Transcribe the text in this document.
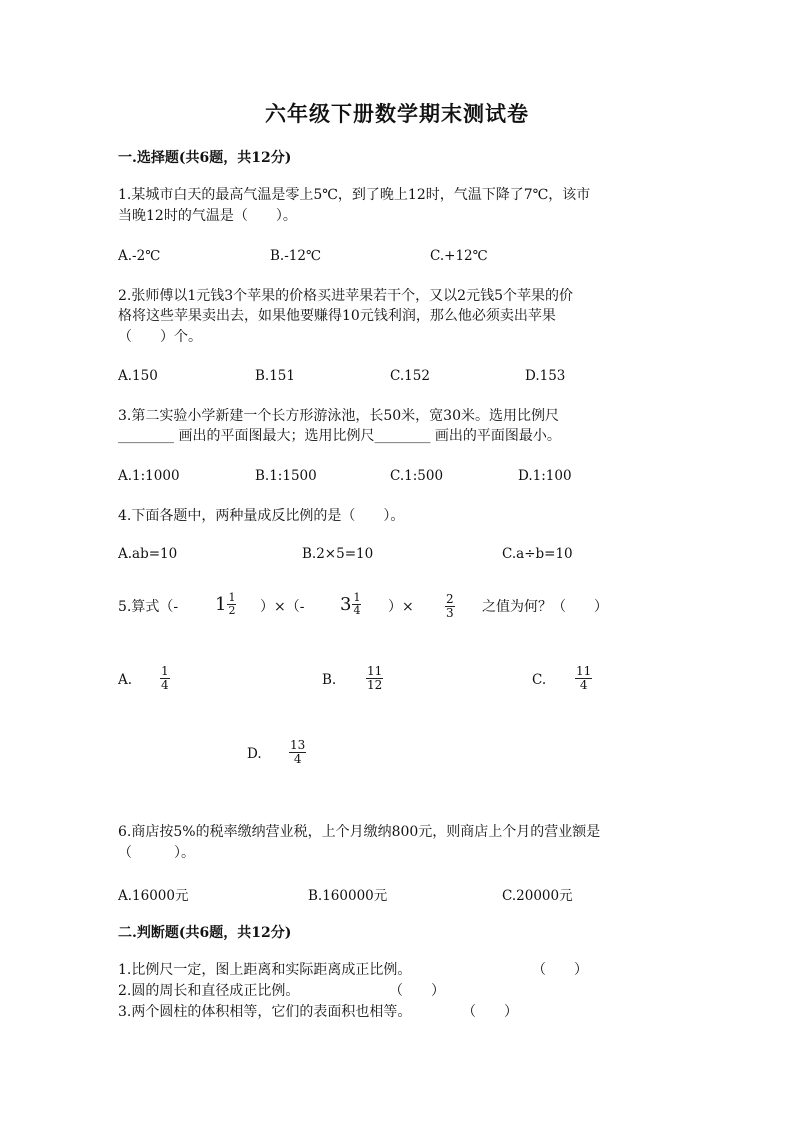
六年级下册数学期末测试卷
一.选择题(共6题，共12分)
1.某城市白天的最高气温是零上5℃，到了晚上12时，气温下降了7℃，该市
当晚12时的气温是（　　）。
A.-2℃	B.-12℃	C.+12℃
2.张师傅以1元钱3个苹果的价格买进苹果若干个，又以2元钱5个苹果的价
格将这些苹果卖出去，如果他要赚得10元钱利润，那么他必须卖出苹果
（　　）个。
A.150	B.151	C.152	D.153
3.第二实验小学新建一个长方形游泳池，长50米，宽30米。选用比例尺
________ 画出的平面图最大；选用比例尺________ 画出的平面图最小。
A.1:1000	B.1:1500	C.1:500	D.1:100
4.下面各题中，两种量成反比例的是（　　）。
A.ab=10	B.2×5=10	C.a÷b=10
5.算式（- $1 \frac{1}{2}$ ）×（- $3 \frac{1}{4}$ ）×	$\frac{2}{3}$ 之值为何？（　　）
A. $\frac{1}{4}$	B. $\frac{11}{12}$	C. $\frac{11}{4}$
D. $\frac{13}{4}$
6.商店按5%的税率缴纳营业税，上个月缴纳800元，则商店上个月的营业额是
（　　　）。
A.16000元	B.160000元	C.20000元
二.判断题(共6题，共12分)
1.比例尺一定，图上距离和实际距离成正比例。	（　　）
2.圆的周长和直径成正比例。	（　　）
3.两个圆柱的体积相等，它们的表面积也相等。	（　　）
